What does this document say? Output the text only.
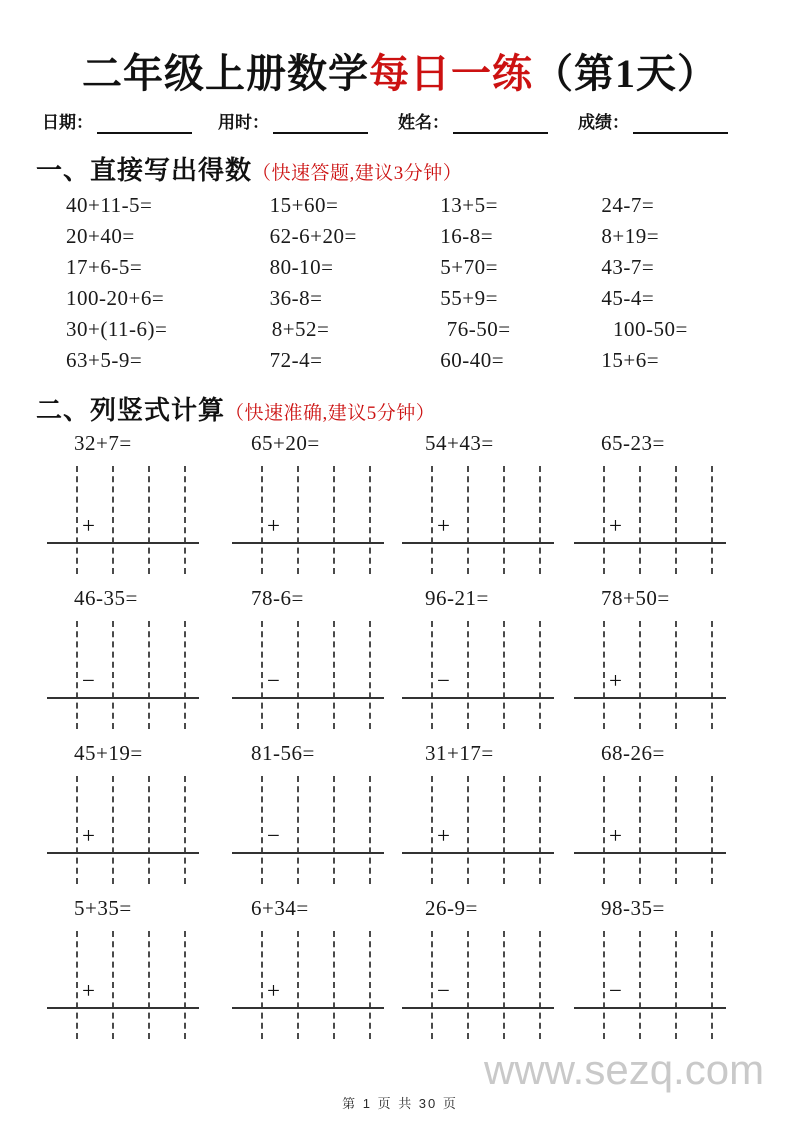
二年级上册数学每日一练（第1天）
日期：	用时：	姓名：	成绩：
一、直接写出得数（快速答题,建议3分钟）
40+11-5=	15+60=	13+5=	24-7=
20+40=	62-6+20=	16-8=	8+19=
17+6-5=	80-10=	5+70=	43-7=
100-20+6=	36-8=	55+9=	45-4=
30+(11-6)=	8+52=	76-50=	100-50=
63+5-9=	72-4=	60-40=	15+6=
二、列竖式计算（快速准确,建议5分钟）
32+7=
+
65+20=
+
54+43=
+
65-23=
+
46-35=
−
78-6=
−
96-21=
−
78+50=
+
45+19=
+
81-56=
−
31+17=
+
68-26=
+
5+35=
+
6+34=
+
26-9=
−
98-35=
−
www.sezq.com
第 1 页 共 30 页
